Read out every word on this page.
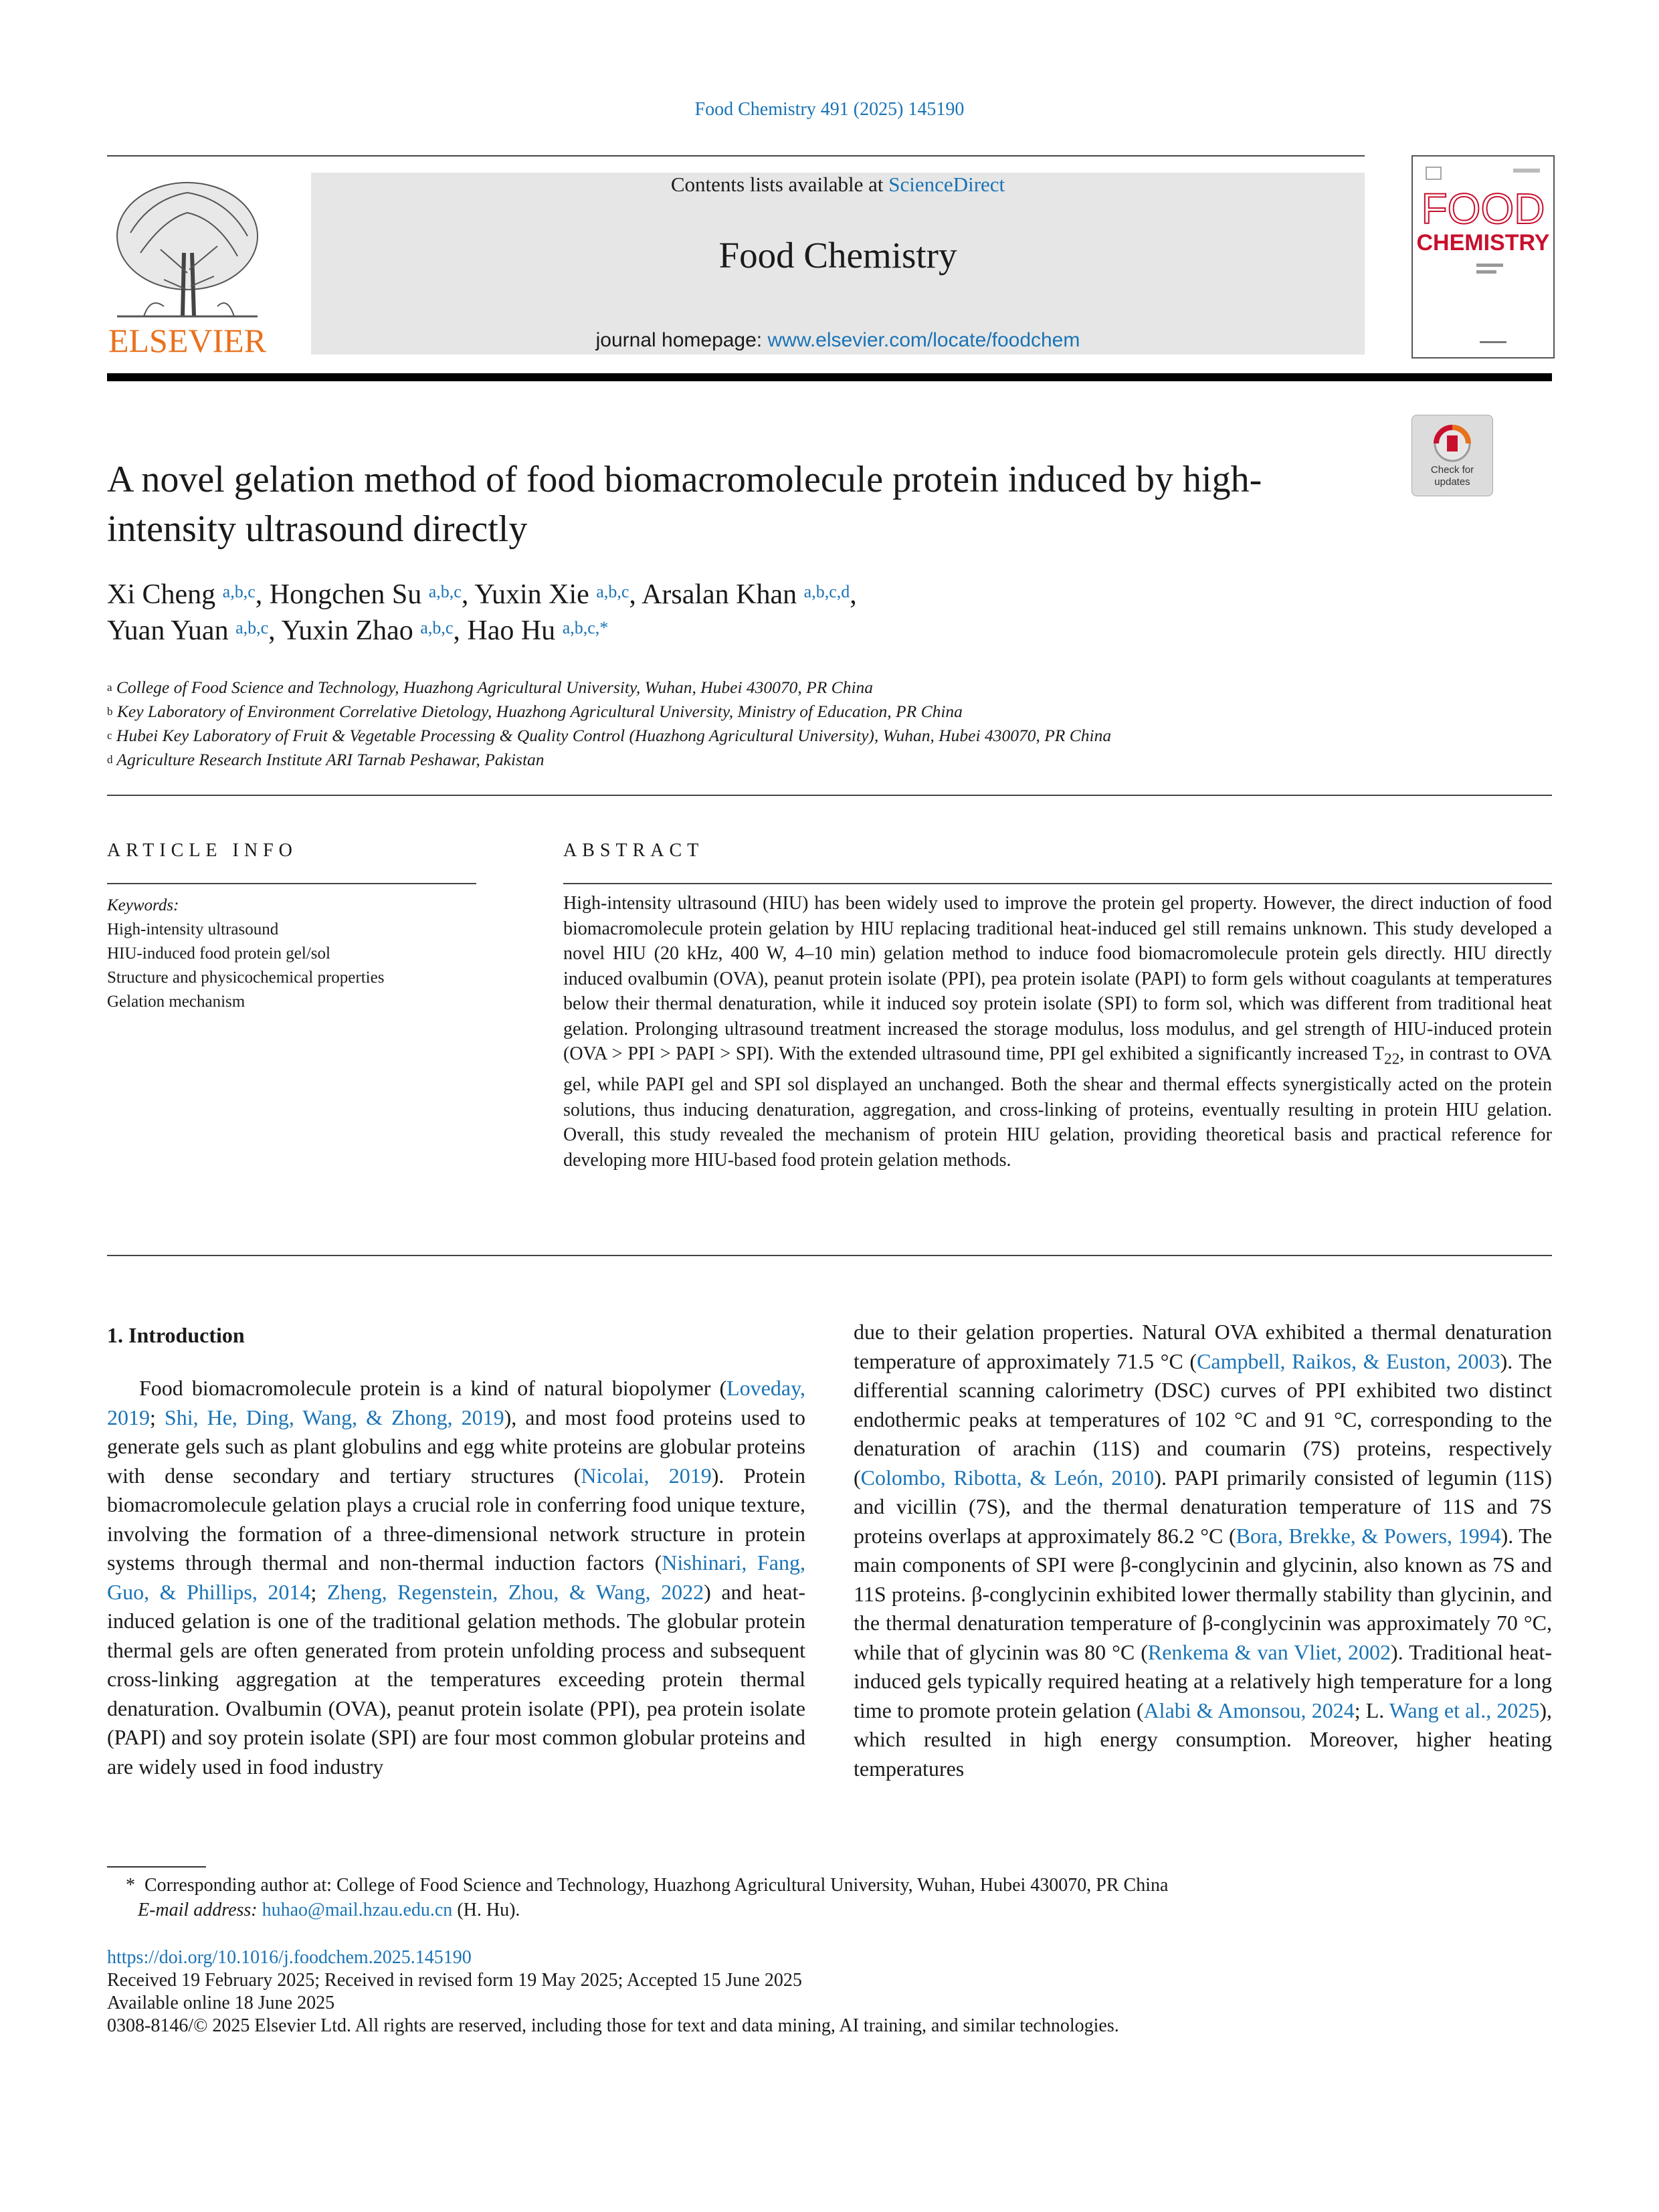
Food Chemistry 491 (2025) 145190
ELSEVIER
Contents lists available at ScienceDirect
Food Chemistry
journal homepage: www.elsevier.com/locate/foodchem
FOOD
CHEMISTRY
Check for
updates
A novel gelation method of food biomacromolecule protein induced by high-intensity ultrasound directly
Xi Cheng $^{a,b,c}$, Hongchen Su $^{a,b,c}$, Yuxin Xie $^{a,b,c}$, Arsalan Khan $^{a,b,c,d}$,
Yuan Yuan $^{a,b,c}$, Yuxin Zhao $^{a,b,c}$, Hao Hu $^{a,b,c,*}$
$^a$ College of Food Science and Technology, Huazhong Agricultural University, Wuhan, Hubei 430070, PR China
$^b$ Key Laboratory of Environment Correlative Dietology, Huazhong Agricultural University, Ministry of Education, PR China
$^c$ Hubei Key Laboratory of Fruit & Vegetable Processing & Quality Control (Huazhong Agricultural University), Wuhan, Hubei 430070, PR China
$^d$ Agriculture Research Institute ARI Tarnab Peshawar, Pakistan
ARTICLE INFO	ABSTRACT
Keywords:
High-intensity ultrasound
HIU-induced food protein gel/sol
Structure and physicochemical properties
Gelation mechanism
High-intensity ultrasound (HIU) has been widely used to improve the protein gel property. However, the direct induction of food biomacromolecule protein gelation by HIU replacing traditional heat-induced gel still remains unknown. This study developed a novel HIU (20 kHz, 400 W, 4–10 min) gelation method to induce food biomacromolecule protein gels directly. HIU directly induced ovalbumin (OVA), peanut protein isolate (PPI), pea protein isolate (PAPI) to form gels without coagulants at temperatures below their thermal denaturation, while it induced soy protein isolate (SPI) to form sol, which was different from traditional heat gelation. Prolonging ultrasound treatment increased the storage modulus, loss modulus, and gel strength of HIU-induced protein (OVA > PPI > PAPI > SPI). With the extended ultrasound time, PPI gel exhibited a significantly increased $T_{22}$, in contrast to OVA gel, while PAPI gel and SPI sol displayed an unchanged. Both the shear and thermal effects synergistically acted on the protein solutions, thus inducing denaturation, aggregation, and cross-linking of proteins, eventually resulting in protein HIU gelation. Overall, this study revealed the mechanism of protein HIU gelation, providing theoretical basis and practical reference for developing more HIU-based food protein gelation methods.
1. Introduction

Food biomacromolecule protein is a kind of natural biopolymer (Loveday, 2019; Shi, He, Ding, Wang, & Zhong, 2019), and most food proteins used to generate gels such as plant globulins and egg white proteins are globular proteins with dense secondary and tertiary structures (Nicolai, 2019). Protein biomacromolecule gelation plays a crucial role in conferring food unique texture, involving the formation of a three-dimensional network structure in protein systems through thermal and non-thermal induction factors (Nishinari, Fang, Guo, & Phillips, 2014; Zheng, Regenstein, Zhou, & Wang, 2022) and heat-induced gelation is one of the traditional gelation methods. The globular protein thermal gels are often generated from protein unfolding process and subsequent cross-linking aggregation at the temperatures exceeding protein thermal denaturation. Ovalbumin (OVA), peanut protein isolate (PPI), pea protein isolate (PAPI) and soy protein isolate (SPI) are four most common globular proteins and are widely used in food industry

due to their gelation properties. Natural OVA exhibited a thermal denaturation temperature of approximately 71.5 °C (Campbell, Raikos, & Euston, 2003). The differential scanning calorimetry (DSC) curves of PPI exhibited two distinct endothermic peaks at temperatures of 102 °C and 91 °C, corresponding to the denaturation of arachin (11S) and coumarin (7S) proteins, respectively (Colombo, Ribotta, & León, 2010). PAPI primarily consisted of legumin (11S) and vicillin (7S), and the thermal denaturation temperature of 11S and 7S proteins overlaps at approximately 86.2 °C (Bora, Brekke, & Powers, 1994). The main components of SPI were β-conglycinin and glycinin, also known as 7S and 11S proteins. β-conglycinin exhibited lower thermally stability than glycinin, and the thermal denaturation temperature of β-conglycinin was approximately 70 °C, while that of glycinin was 80 °C (Renkema & van Vliet, 2002). Traditional heat-induced gels typically required heating at a relatively high temperature for a long time to promote protein gelation (Alabi & Amonsou, 2024; L. Wang et al., 2025), which resulted in high energy consumption. Moreover, higher heating temperatures

* Corresponding author at: College of Food Science and Technology, Huazhong Agricultural University, Wuhan, Hubei 430070, PR China
E-mail address: huhao@mail.hzau.edu.cn (H. Hu).
https://doi.org/10.1016/j.foodchem.2025.145190
Received 19 February 2025; Received in revised form 19 May 2025; Accepted 15 June 2025
Available online 18 June 2025
0308-8146/© 2025 Elsevier Ltd. All rights are reserved, including those for text and data mining, AI training, and similar technologies.
